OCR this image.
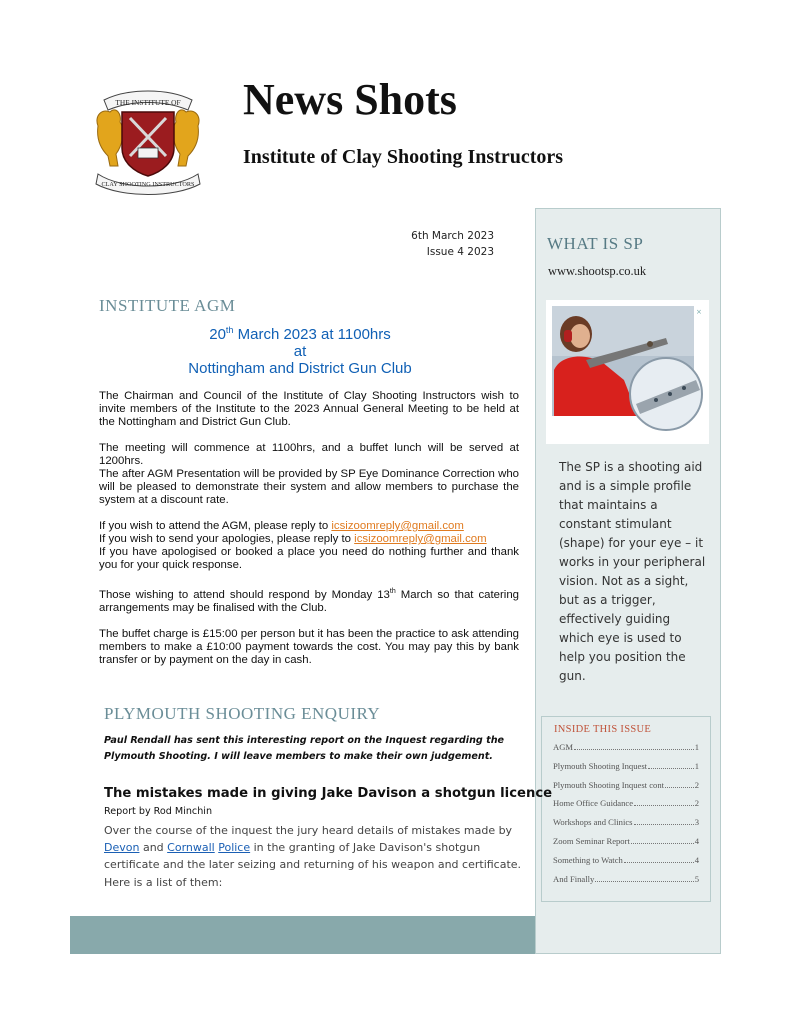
THE INSTITUTE OF
CLAY SHOOTING INSTRUCTORS
News Shots
Institute of Clay Shooting Instructors
6th March 2023
Issue 4 2023	WHAT IS SP
www.shootsp.co.uk
×
The SP is a shooting aid and is a simple profile that maintains a constant stimulant (shape) for your eye – it works in your peripheral vision. Not as a sight, but as a trigger, effectively guiding which eye is used to help you position the gun.
INSIDE THIS ISSUE
AGM	1
Plymouth Shooting Inquest	1
Plymouth Shooting Inquest cont	2
Home Office Guidance	2
Workshops and Clinics	3
Zoom Seminar Report	4
Something to Watch	4
And Finally	5
INSTITUTE AGM
20th March 2023 at 1100hrs
at
Nottingham and District Gun Club

The Chairman and Council of the Institute of Clay Shooting Instructors wish to invite members of the Institute to the 2023 Annual General Meeting to be held at the Nottingham and District Gun Club.

The meeting will commence at 1100hrs, and a buffet lunch will be served at 1200hrs.
The after AGM Presentation will be provided by SP Eye Dominance Correction who will be pleased to demonstrate their system and allow members to purchase the system at a discount rate.

If you wish to attend the AGM, please reply to icsizoomreply@gmail.com
If you wish to send your apologies, please reply to icsizoomreply@gmail.com
If you have apologised or booked a place you need do nothing further and thank you for your quick response.

Those wishing to attend should respond by Monday 13th March so that catering arrangements may be finalised with the Club.

The buffet charge is £15:00 per person but it has been the practice to ask attending members to make a £10:00 payment towards the cost. You may pay this by bank transfer or by payment on the day in cash.

PLYMOUTH SHOOTING ENQUIRY
Paul Rendall has sent this interesting report on the Inquest regarding the Plymouth Shooting. I will leave members to make their own judgement.
The mistakes made in giving Jake Davison a shotgun licence
Report by Rod Minchin
Over the course of the inquest the jury heard details of mistakes made by Devon and Cornwall Police in the granting of Jake Davison's shotgun certificate and the later seizing and returning of his weapon and certificate.
Here is a list of them:
